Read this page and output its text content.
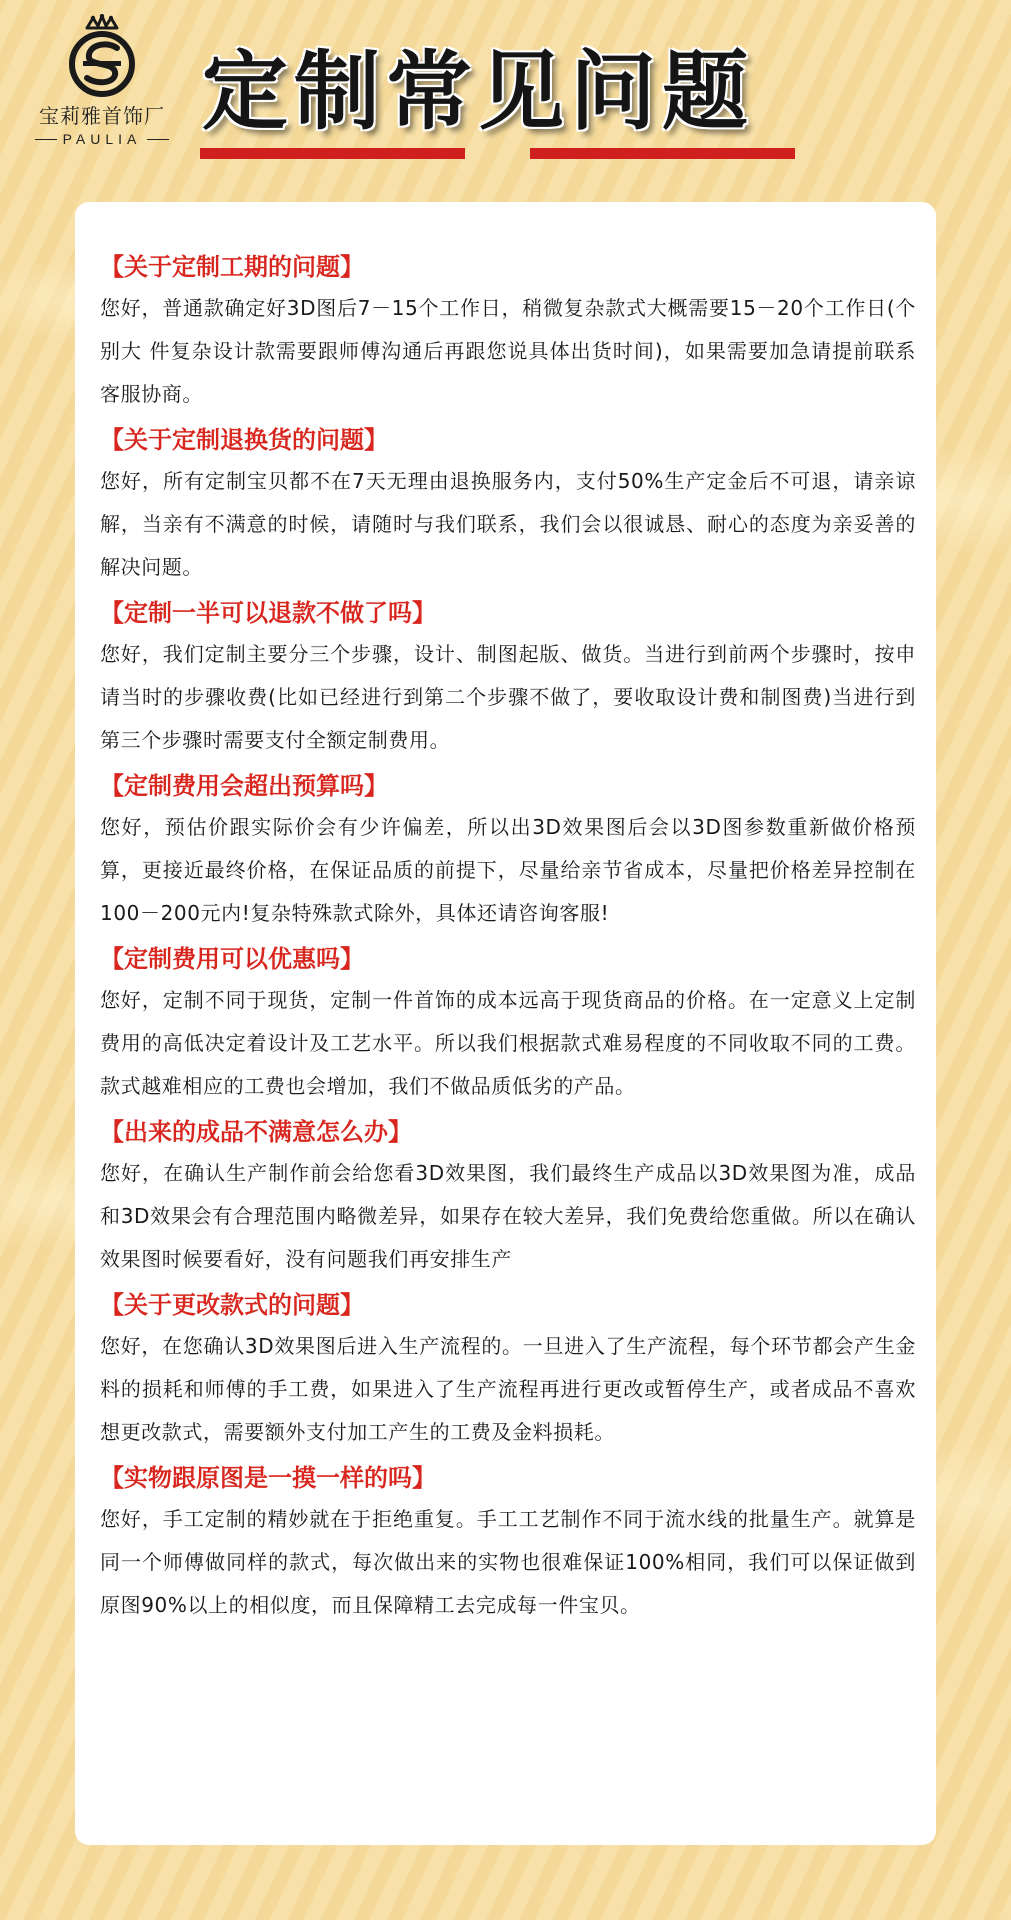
宝莉雅首饰厂
PAULIA 定制常见问题
【关于定制工期的问题】

您好，普通款确定好3D图后7－15个工作日，稍微复杂款式大概需要15－20个工作日(个别大 件复杂设计款需要跟师傅沟通后再跟您说具体出货时间)，如果需要加急请提前联系客服协商。

【关于定制退换货的问题】

您好，所有定制宝贝都不在7天无理由退换服务内，支付50%生产定金后不可退，请亲谅解，当亲有不满意的时候，请随时与我们联系，我们会以很诚恳、耐心的态度为亲妥善的解决问题。

【定制一半可以退款不做了吗】

您好，我们定制主要分三个步骤，设计、制图起版、做货。当进行到前两个步骤时，按申请当时的步骤收费(比如已经进行到第二个步骤不做了，要收取设计费和制图费)当进行到第三个步骤时需要支付全额定制费用。

【定制费用会超出预算吗】

您好，预估价跟实际价会有少许偏差，所以出3D效果图后会以3D图参数重新做价格预算，更接近最终价格，在保证品质的前提下，尽量给亲节省成本，尽量把价格差异控制在100－200元内!复杂特殊款式除外，具体还请咨询客服!

【定制费用可以优惠吗】

您好，定制不同于现货，定制一件首饰的成本远高于现货商品的价格。在一定意义上定制费用的高低决定着设计及工艺水平。所以我们根据款式难易程度的不同收取不同的工费。款式越难相应的工费也会增加，我们不做品质低劣的产品。

【出来的成品不满意怎么办】

您好，在确认生产制作前会给您看3D效果图，我们最终生产成品以3D效果图为准，成品和3D效果会有合理范围内略微差异，如果存在较大差异，我们免费给您重做。所以在确认效果图时候要看好，没有问题我们再安排生产

【关于更改款式的问题】

您好，在您确认3D效果图后进入生产流程的。一旦进入了生产流程，每个环节都会产生金料的损耗和师傅的手工费，如果进入了生产流程再进行更改或暂停生产，或者成品不喜欢想更改款式，需要额外支付加工产生的工费及金料损耗。

【实物跟原图是一摸一样的吗】

您好，手工定制的精妙就在于拒绝重复。手工工艺制作不同于流水线的批量生产。就算是同一个师傅做同样的款式，每次做出来的实物也很难保证100%相同，我们可以保证做到原图90%以上的相似度，而且保障精工去完成每一件宝贝。
